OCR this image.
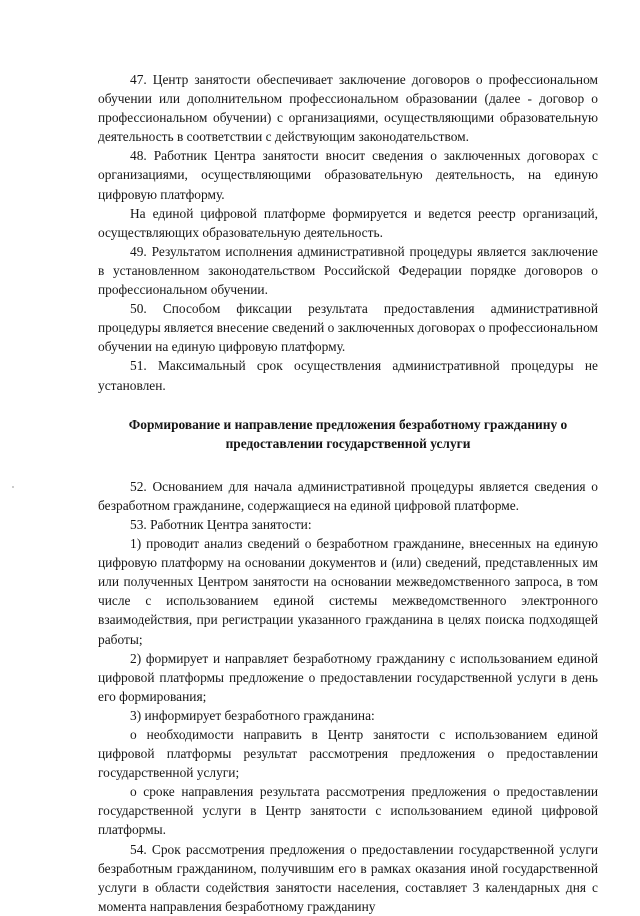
47. Центр занятости обеспечивает заключение договоров о профессиональном обучении или дополнительном профессиональном образовании (далее - договор о профессиональном обучении) с организациями, осуществляющими образовательную деятельность в соответствии с действующим законодательством.

48. Работник Центра занятости вносит сведения о заключенных договорах с организациями, осуществляющими образовательную деятельность, на единую цифровую платформу.

На единой цифровой платформе формируется и ведется реестр организаций, осуществляющих образовательную деятельность.

49. Результатом исполнения административной процедуры является заключение в установленном законодательством Российской Федерации порядке договоров о профессиональном обучении.

50. Способом фиксации результата предоставления административной процедуры является внесение сведений о заключенных договорах о профессиональном обучении на единую цифровую платформу.

51. Максимальный срок осуществления административной процедуры не установлен.

Формирование и направление предложения безработному гражданину о предоставлении государственной услуги

52. Основанием для начала административной процедуры является сведения о безработном гражданине, содержащиеся на единой цифровой платформе.

53. Работник Центра занятости:

1) проводит анализ сведений о безработном гражданине, внесенных на единую цифровую платформу на основании документов и (или) сведений, представленных им или полученных Центром занятости на основании межведомственного запроса, в том числе с использованием единой системы межведомственного электронного взаимодействия, при регистрации указанного гражданина в целях поиска подходящей работы;

2) формирует и направляет безработному гражданину с использованием единой цифровой платформы предложение о предоставлении государственной услуги в день его формирования;

3) информирует безработного гражданина:

о необходимости направить в Центр занятости с использованием единой цифровой платформы результат рассмотрения предложения о предоставлении государственной услуги;

о сроке направления результата рассмотрения предложения о предоставлении государственной услуги в Центр занятости с использованием единой цифровой платформы.

54. Срок рассмотрения предложения о предоставлении государственной услуги безработным гражданином, получившим его в рамках оказания иной государственной услуги в области содействия занятости населения, составляет 3 календарных дня с момента направления безработному гражданину
